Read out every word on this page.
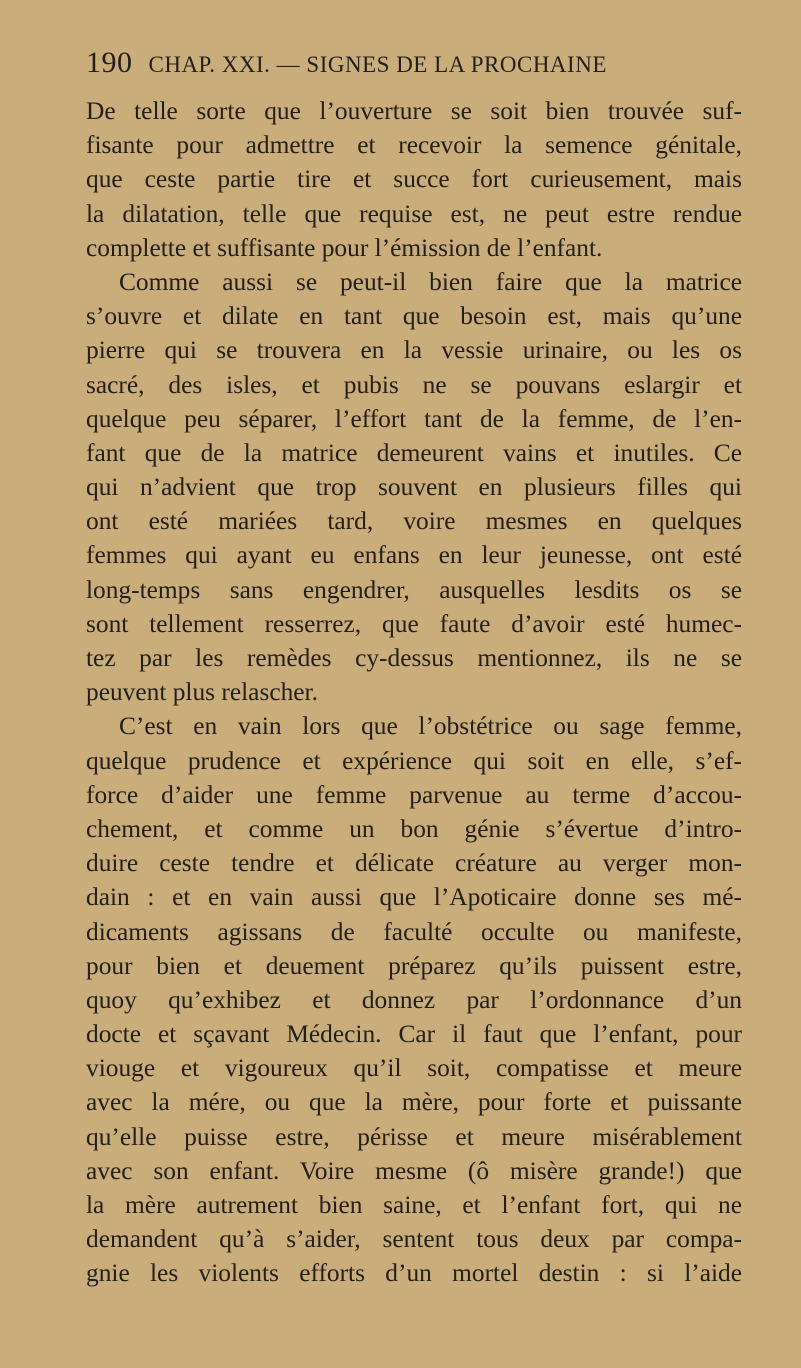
190 CHAP. XXI. — SIGNES DE LA PROCHAINE
De telle sorte que l’ouverture se soit bien trouvée suf-
fisante pour admettre et recevoir la semence génitale,
que ceste partie tire et succe fort curieusement, mais
la dilatation, telle que requise est, ne peut estre rendue
complette et suffisante pour l’émission de l’enfant.
Comme aussi se peut-il bien faire que la matrice
s’ouvre et dilate en tant que besoin est, mais qu’une
pierre qui se trouvera en la vessie urinaire, ou les os
sacré, des isles, et pubis ne se pouvans eslargir et
quelque peu séparer, l’effort tant de la femme, de l’en-
fant que de la matrice demeurent vains et inutiles. Ce
qui n’advient que trop souvent en plusieurs filles qui
ont esté mariées tard, voire mesmes en quelques
femmes qui ayant eu enfans en leur jeunesse, ont esté
long-temps sans engendrer, ausquelles lesdits os se
sont tellement resserrez, que faute d’avoir esté humec-
tez par les remèdes cy-dessus mentionnez, ils ne se
peuvent plus relascher.
C’est en vain lors que l’obstétrice ou sage femme,
quelque prudence et expérience qui soit en elle, s’ef-
force d’aider une femme parvenue au terme d’accou-
chement, et comme un bon génie s’évertue d’intro-
duire ceste tendre et délicate créature au verger mon-
dain : et en vain aussi que l’Apoticaire donne ses mé-
dicaments agissans de faculté occulte ou manifeste,
pour bien et deuement préparez qu’ils puissent estre,
quoy qu’exhibez et donnez par l’ordonnance d’un
docte et sçavant Médecin. Car il faut que l’enfant, pour
viouge et vigoureux qu’il soit, compatisse et meure
avec la mére, ou que la mère, pour forte et puissante
qu’elle puisse estre, périsse et meure misérablement
avec son enfant. Voire mesme (ô misère grande!) que
la mère autrement bien saine, et l’enfant fort, qui ne
demandent qu’à s’aider, sentent tous deux par compa-
gnie les violents efforts d’un mortel destin : si l’aide
